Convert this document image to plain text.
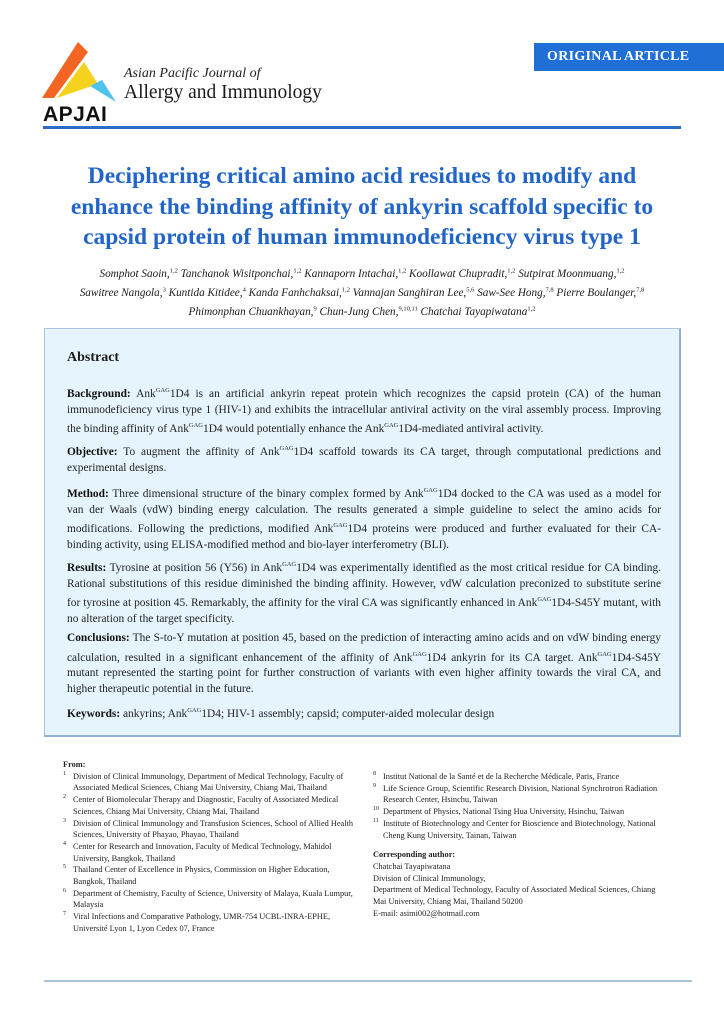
APJAI
Asian Pacific Journal of
Allergy and Immunology
ORIGINAL ARTICLE
Deciphering critical amino acid residues to modify and
enhance the binding affinity of ankyrin scaffold specific to
capsid protein of human immunodeficiency virus type 1
Somphot Saoin,$^{1,2}$ Tanchanok Wisitponchai,$^{1,2}$ Kannaporn Intachai,$^{1,2}$ Koollawat Chupradit,$^{1,2}$ Sutpirat Moonmuang,$^{1,2}$
Sawitree Nangola,$^3$ Kuntida Kitidee,$^4$ Kanda Fanhchaksai,$^{1,2}$ Vannajan Sanghiran Lee,$^{5,6}$ Saw-See Hong,$^{7,8}$ Pierre Boulanger,$^{7,8}$
Phimonphan Chuankhayan,$^9$ Chun-Jung Chen,$^{9,10,11}$ Chatchai Tayapiwatana$^{1,2}$
Abstract
Background: Ank$^{GAG}$1D4 is an artificial ankyrin repeat protein which recognizes the capsid protein (CA) of the human immunodeficiency virus type 1 (HIV-1) and exhibits the intracellular antiviral activity on the viral assembly process. Improving the binding affinity of Ank$^{GAG}$1D4 would potentially enhance the Ank$^{GAG}$1D4-mediated antiviral activity.
Objective: To augment the affinity of Ank$^{GAG}$1D4 scaffold towards its CA target, through computational predictions and experimental designs.
Method: Three dimensional structure of the binary complex formed by Ank$^{GAG}$1D4 docked to the CA was used as a model for van der Waals (vdW) binding energy calculation. The results generated a simple guideline to select the amino acids for modifications. Following the predictions, modified Ank$^{GAG}$1D4 proteins were produced and further evaluated for their CA-binding activity, using ELISA-modified method and bio-layer interferometry (BLI).
Results: Tyrosine at position 56 (Y56) in Ank$^{GAG}$1D4 was experimentally identified as the most critical residue for CA binding. Rational substitutions of this residue diminished the binding affinity. However, vdW calculation preconized to substitute serine for tyrosine at position 45. Remarkably, the affinity for the viral CA was significantly enhanced in Ank$^{GAG}$1D4-S45Y mutant, with no alteration of the target specificity.
Conclusions: The S-to-Y mutation at position 45, based on the prediction of interacting amino acids and on vdW binding energy calculation, resulted in a significant enhancement of the affinity of Ank$^{GAG}$1D4 ankyrin for its CA target. Ank$^{GAG}$1D4-S45Y mutant represented the starting point for further construction of variants with even higher affinity towards the viral CA, and higher therapeutic potential in the future.
Keywords: ankyrins; Ank$^{GAG}$1D4; HIV-1 assembly; capsid; computer-aided molecular design
From:
1 Division of Clinical Immunology, Department of Medical Technology, Faculty of Associated Medical Sciences, Chiang Mai University, Chiang Mai, Thailand
2 Center of Biomolecular Therapy and Diagnostic, Faculty of Associated Medical Sciences, Chiang Mai University, Chiang Mai, Thailand
3 Division of Clinical Immunology and Transfusion Sciences, School of Allied Health Sciences, University of Phayao, Phayao, Thailand
4 Center for Research and Innovation, Faculty of Medical Technology, Mahidol University, Bangkok, Thailand
5 Thailand Center of Excellence in Physics, Commission on Higher Education, Bangkok, Thailand
6 Department of Chemistry, Faculty of Science, University of Malaya, Kuala Lumpur, Malaysia
7 Viral Infections and Comparative Pathology, UMR-754 UCBL-INRA-EPHE, Université Lyon 1, Lyon Cedex 07, France
8 Institut National de la Santé et de la Recherche Médicale, Paris, France
9 Life Science Group, Scientific Research Division, National Synchrotron Radiation Research Center, Hsinchu, Taiwan
10 Department of Physics, National Tsing Hua University, Hsinchu, Taiwan
11 Institute of Biotechnology and Center for Bioscience and Biotechnology, National Cheng Kung University, Tainan, Taiwan
Corresponding author:
Chatchai Tayapiwatana
Division of Clinical Immunology,
Department of Medical Technology, Faculty of Associated Medical Sciences, Chiang Mai University, Chiang Mai, Thailand 50200
E-mail: asimi002@hotmail.com
